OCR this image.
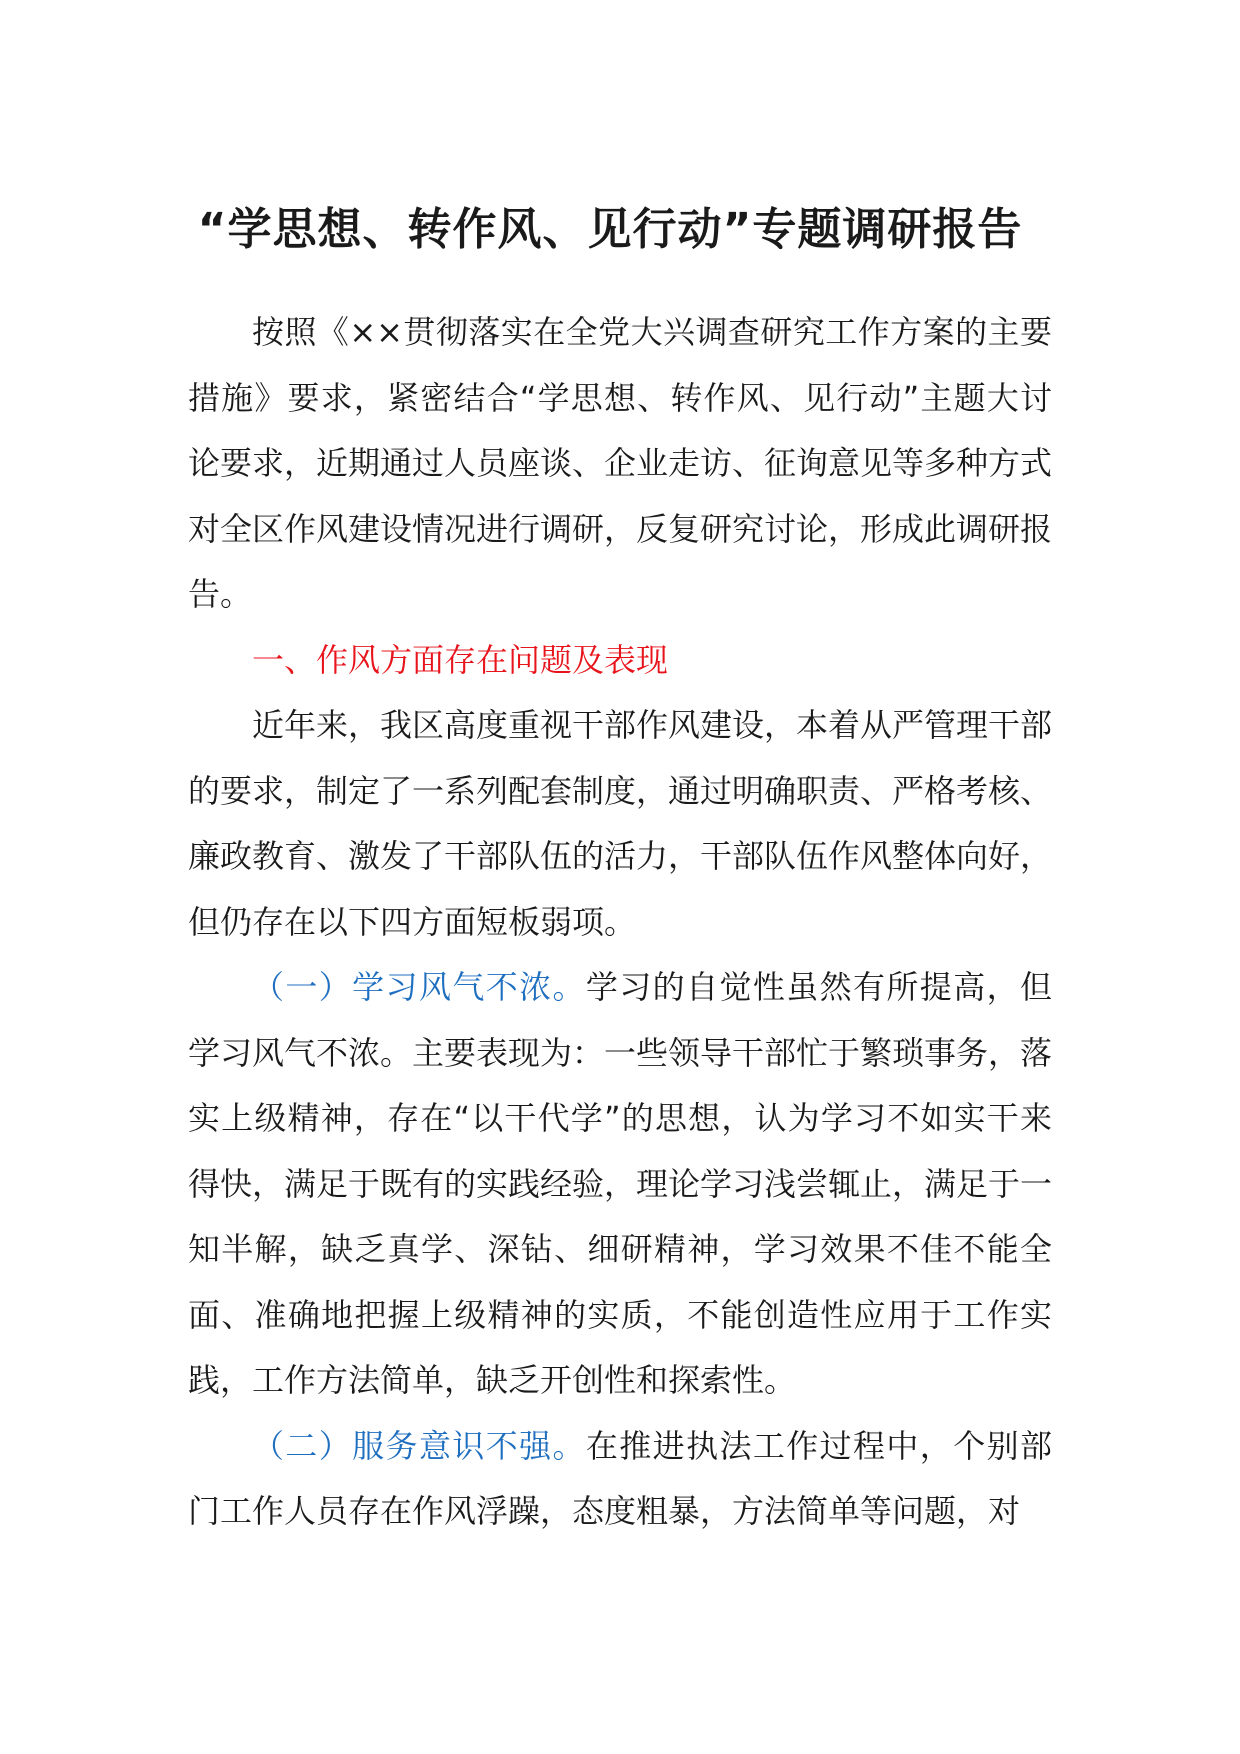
“学思想、转作风、见行动”专题调研报告

按照《××贯彻落实在全党大兴调查研究工作方案的主要措施》要求，紧密结合“学思想、转作风、见行动”主题大讨论要求，近期通过人员座谈、企业走访、征询意见等多种方式对全区作风建设情况进行调研，反复研究讨论，形成此调研报告。

一、作风方面存在问题及表现

近年来，我区高度重视干部作风建设，本着从严管理干部的要求，制定了一系列配套制度，通过明确职责、严格考核、廉政教育、激发了干部队伍的活力，干部队伍作风整体向好，但仍存在以下四方面短板弱项。

（一）学习风气不浓。学习的自觉性虽然有所提高，但学习风气不浓。主要表现为：一些领导干部忙于繁琐事务，落实上级精神，存在“以干代学”的思想，认为学习不如实干来得快，满足于既有的实践经验，理论学习浅尝辄止，满足于一知半解，缺乏真学、深钻、细研精神，学习效果不佳不能全面、准确地把握上级精神的实质，不能创造性应用于工作实践，工作方法简单，缺乏开创性和探索性。

（二）服务意识不强。在推进执法工作过程中，个别部门工作人员存在作风浮躁，态度粗暴，方法简单等问题，对
